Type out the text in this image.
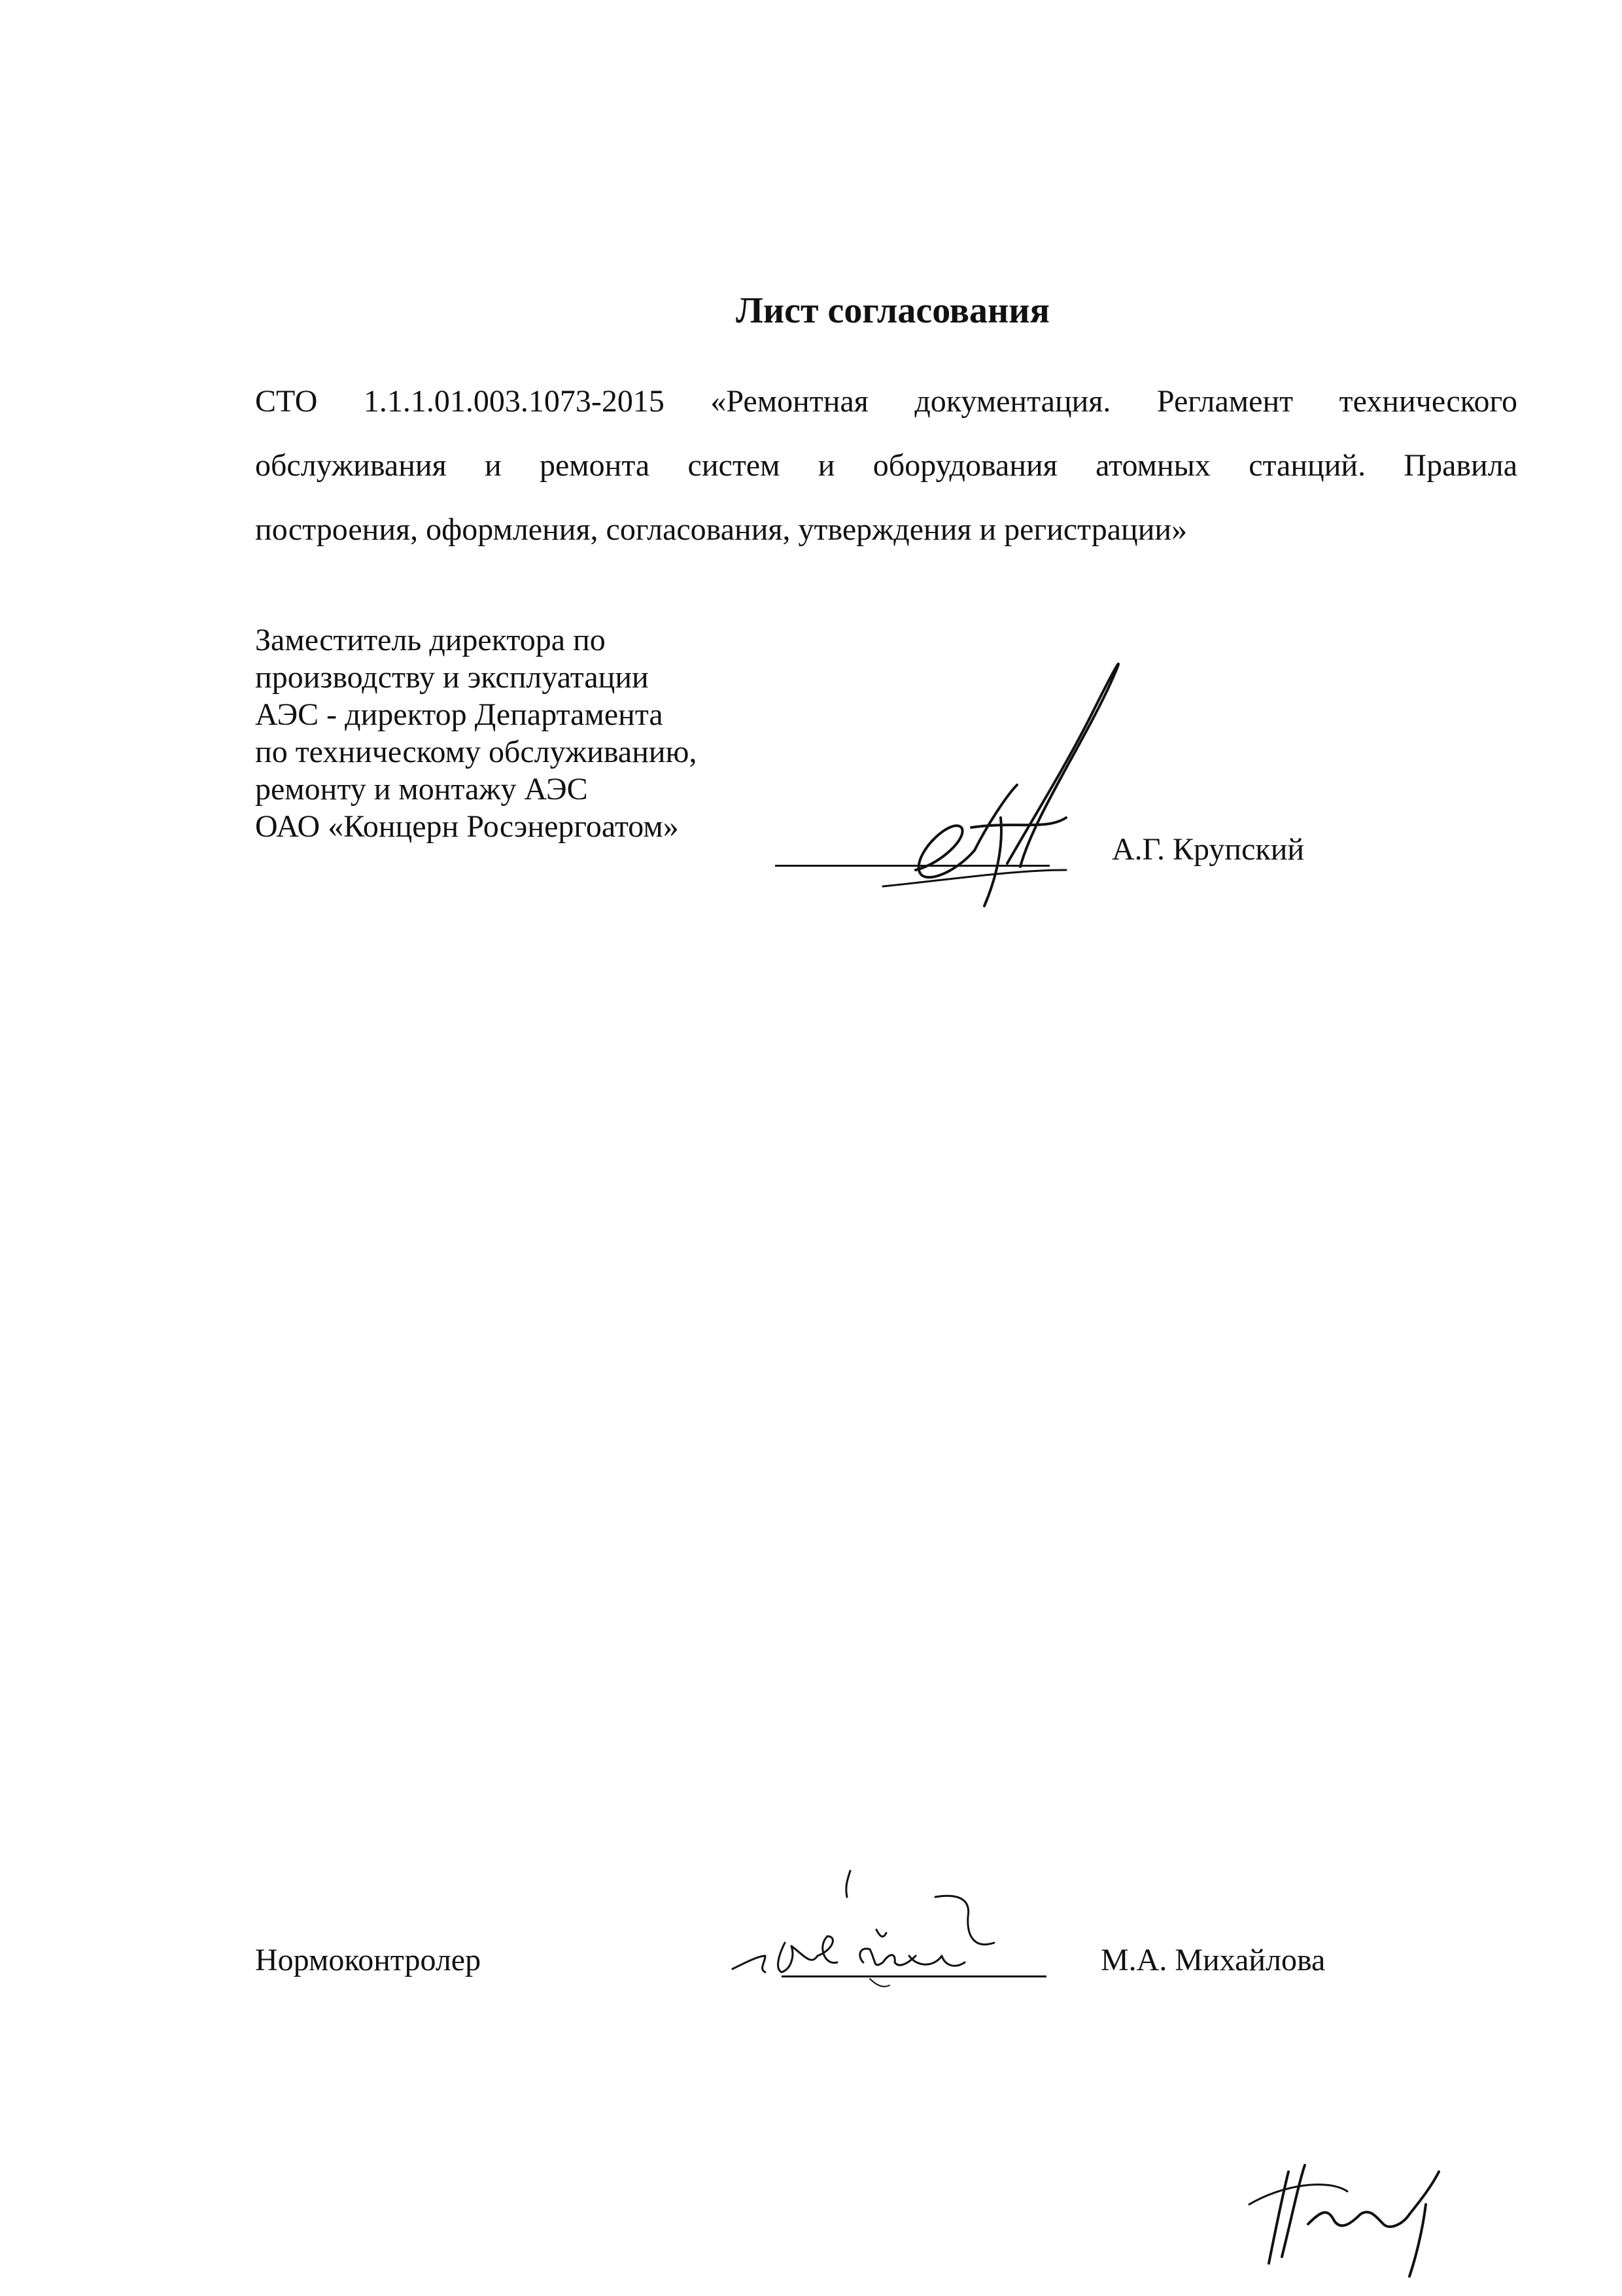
Лист согласования

СТО 1.1.1.01.003.1073-2015 «Ремонтная документация. Регламент технического
обслуживания и ремонта систем и оборудования атомных станций. Правила
построения, оформления, согласования, утверждения и регистрации»

Заместитель директора по
производству и эксплуатации
АЭС - директор Департамента
по техническому обслуживанию,
ремонту и монтажу АЭС
ОАО «Концерн Росэнергоатом»
А.Г. Крупский
Нормоконтролер	М.А. Михайлова
